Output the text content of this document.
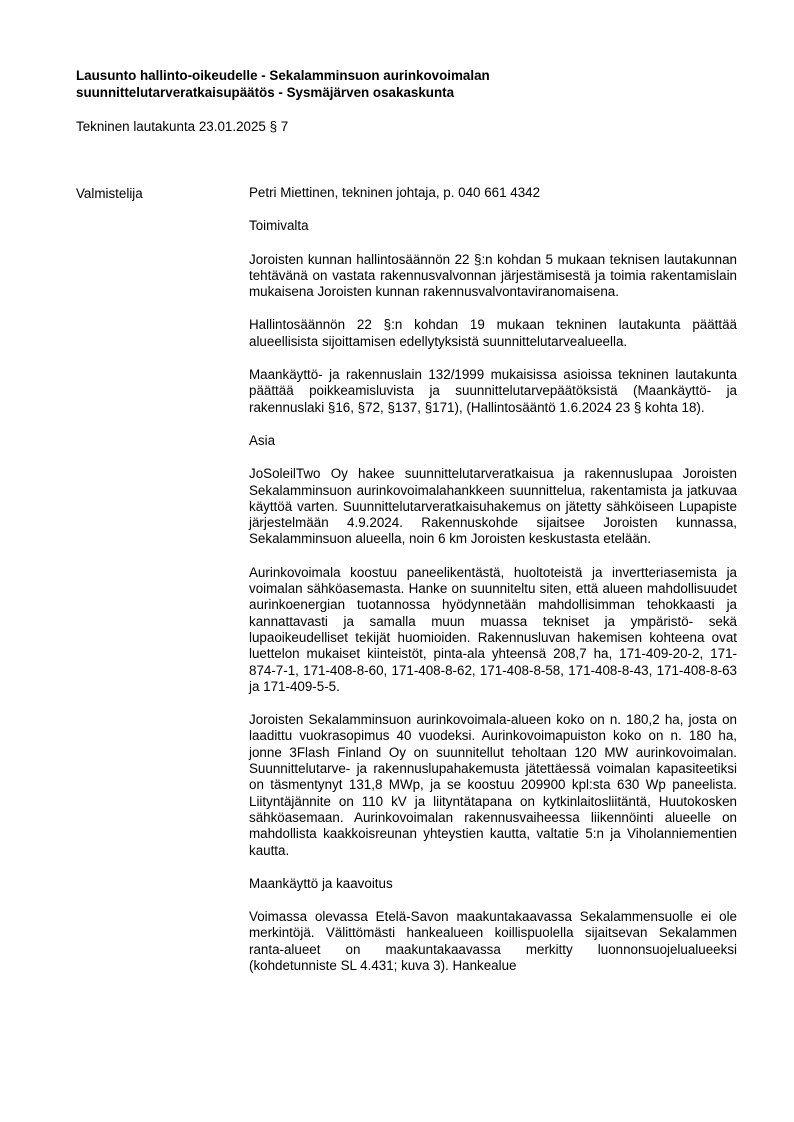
Lausunto hallinto-oikeudelle - Sekalamminsuon aurinkovoimalan
suunnittelutarveratkaisupäätös - Sysmäjärven osakaskunta
Tekninen lautakunta 23.01.2025 § 7
Valmistelija	Petri Miettinen, tekninen johtaja, p. 040 661 4342

Toimivalta

Joroisten kunnan hallintosäännön 22 §:n kohdan 5 mukaan teknisen lautakunnan tehtävänä on vastata rakennusvalvonnan järjestämisestä ja toimia rakentamislain mukaisena Joroisten kunnan rakennusvalvontaviranomaisena.

Hallintosäännön 22 §:n kohdan 19 mukaan tekninen lautakunta päättää alueellisista sijoittamisen edellytyksistä suunnittelutarvealueella.

Maankäyttö- ja rakennuslain 132/1999 mukaisissa asioissa tekninen lautakunta päättää poikkeamisluvista ja suunnittelutarvepäätöksistä (Maankäyttö- ja rakennuslaki §16, §72, §137, §171), (Hallintosääntö 1.6.2024 23 § kohta 18).

Asia

JoSoleilTwo Oy hakee suunnittelutarveratkaisua ja rakennuslupaa Joroisten Sekalamminsuon aurinkovoimalahankkeen suunnittelua, rakentamista ja jatkuvaa käyttöä varten. Suunnittelutarveratkaisuhakemus on jätetty sähköiseen Lupapiste järjestelmään 4.9.2024. Rakennuskohde sijaitsee Joroisten kunnassa, Sekalamminsuon alueella, noin 6 km Joroisten keskustasta etelään.

Aurinkovoimala koostuu paneelikentästä, huoltoteistä ja invertteriasemista ja voimalan sähköasemasta. Hanke on suunniteltu siten, että alueen mahdollisuudet aurinkoenergian tuotannossa hyödynnetään mahdollisimman tehokkaasti ja kannattavasti ja samalla muun muassa tekniset ja ympäristö- sekä lupaoikeudelliset tekijät huomioiden. Rakennusluvan hakemisen kohteena ovat luettelon mukaiset kiinteistöt, pinta-ala yhteensä 208,7 ha, 171-409-20-2, 171-874-7-1, 171-408-8-60, 171-408-8-62, 171-408-8-58, 171-408-8-43, 171-408-8-63 ja 171-409-5-5.

Joroisten Sekalamminsuon aurinkovoimala-alueen koko on n. 180,2 ha, josta on laadittu vuokrasopimus 40 vuodeksi. Aurinkovoimapuiston koko on n. 180 ha, jonne 3Flash Finland Oy on suunnitellut teholtaan 120 MW aurinkovoimalan. Suunnittelutarve- ja rakennuslupahakemusta jätettäessä voimalan kapasiteetiksi on täsmentynyt 131,8 MWp, ja se koostuu 209900 kpl:sta 630 Wp paneelista. Liityntäjännite on 110 kV ja liityntätapana on kytkinlaitosliitäntä, Huutokosken sähköasemaan. Aurinkovoimalan rakennusvaiheessa liikennöinti alueelle on mahdollista kaakkoisreunan yhteystien kautta, valtatie 5:n ja Viholanniementien kautta.

Maankäyttö ja kaavoitus

Voimassa olevassa Etelä-Savon maakuntakaavassa Sekalammensuolle ei ole merkintöjä. Välittömästi hankealueen koillispuolella sijaitsevan Sekalammen ranta-alueet on maakuntakaavassa merkitty luonnonsuojelualueeksi (kohdetunniste SL 4.431; kuva 3). Hankealue
